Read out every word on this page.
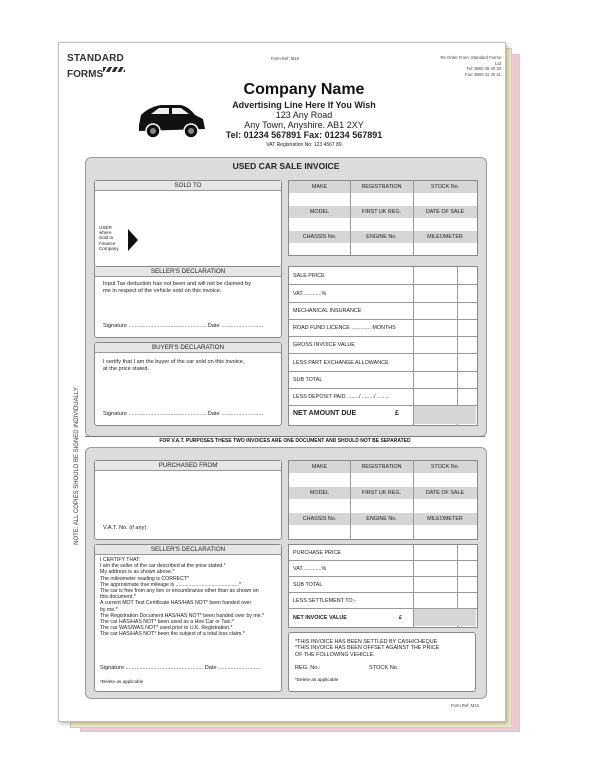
STANDARD
FORMS
Form Ref: M15	Re Order From: Standard Forms Ltd
Tel: 0800 39 40 33
Fax: 0800 41 40 41
Company Name
Advertising Line Here If You Wish
123 Any Road
Any Town, Anyshire. AB1 2XY
Tel: 01234 567891 Fax: 01234 567891
VAT Registration No: 123 4567 89
NOTE: ALL COPIES SHOULD BE SIGNED INDIVIDUALLY
USED CAR SALE INVOICE
SOLD TO
USER
where
Sold to
Finance
Company
MAKE	REGISTRATION	STOCK No.
MODEL	FIRST UK REG.	DATE OF SALE
CHASSIS No.	ENGINE No.	MILEOMETER
SELLER'S DECLARATION
Input Tax deduction has not been and will not be claimed by
me in respect of the vehicle sold on this invoice.
Signature .................................................. Date ...........................
BUYER'S DECLARATION
I certify that I am the buyer of the car sold on this invoice,
at the price stated.
Signature .................................................. Date ...........................
SALE PRICE
VAT.............%
MECHANICAL INSURANCE
ROAD FUND LICENCE ............. MONTHS
GROSS INVOICE VALUE
LESS PART EXCHANGE ALLOWANCE
SUB TOTAL
LESS DEPOSIT PAID ......../ ......../ ........
NET AMOUNT DUE	£
FOR V.A.T. PURPOSES THESE TWO INVOICES ARE ONE DOCUMENT AND SHOULD NOT BE SEPARATED
PURCHASED FROM
V.A.T. No. (if any):
MAKE	REGISTRATION	STOCK No.
MODEL	FIRST UK REG.	DATE OF SALE
CHASSIS No.	ENGINE No.	MILEOMETER
SELLER'S DECLARATION
I CERTIFY THAT:
I am the seller of the car described at the price stated.*
My address is as shown above.*
The mileometer reading is CORRECT*
The approximate true mileage is ............................................*
The car is free from any lien or encumbrance other than as shown on
this document.*
A current MOT Test Certificate HAS/HAS NOT* been handed over
by me.*
The Registration Document HAS/HAS NOT* been handed over by me.*
The car HAS/HAS NOT* been used as a Hire Car or Taxi.*
The car WAS/WAS NOT* used prior to U.K. Registration.*
The car HAS/HAS NOT* been the subject of a total loss claim.*
Signature .................................................. Date ...........................
*Delete as applicable
PURCHASE PRICE
VAT.............%
SUB TOTAL
LESS SETTLEMENT TO:-
NET INVOICE VALUE	£
*THIS INVOICE HAS BEEN SETTLED BY CASH/CHEQUE
*THIS INVOICE HAS BEEN OFFSET AGAINST THE PRICE
OF THE FOLLOWING VEHICLE.
REG. No.:	STOCK No.:
*Delete as applicable
Form Ref: M15
